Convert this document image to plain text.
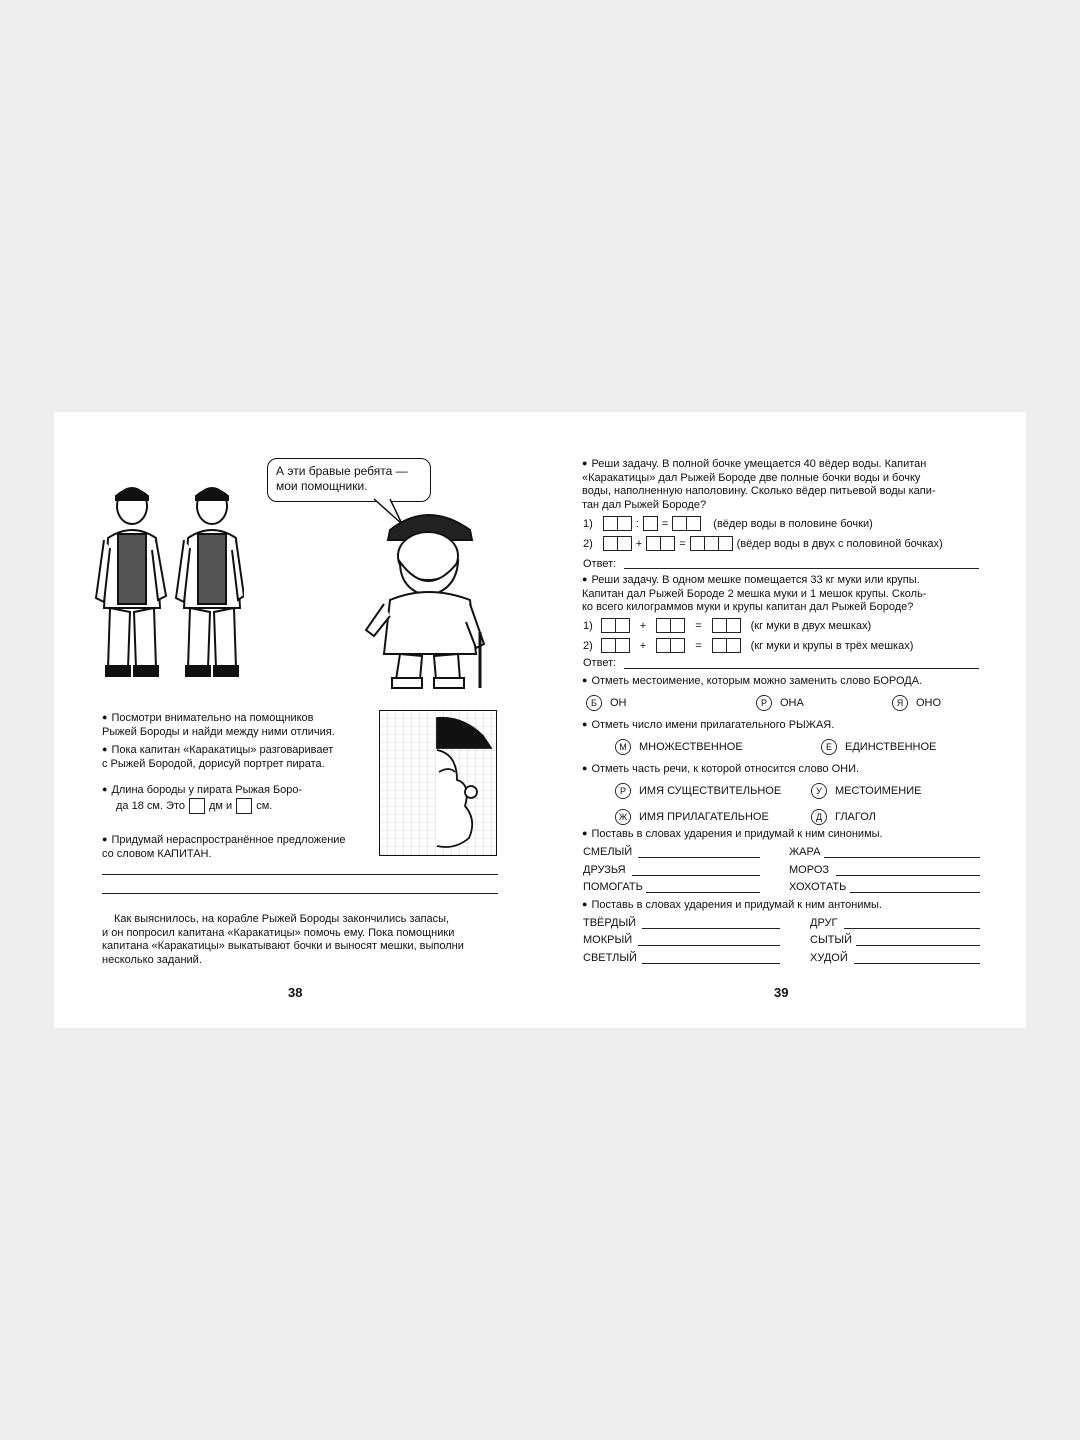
А эти бравые ребята —
мои помощники.
● Посмотри внимательно на помощников
Рыжей Бороды и найди между ними отличия.
● Пока капитан «Каракатицы» разговаривает
с Рыжей Бородой, дорисуй портрет пирата.
● Длина бороды у пирата Рыжая Боро-
да 18 см. Это дм и см.
● Придумай нераспространённое предложение
со словом КАПИТАН.
Как выяснилось, на корабле Рыжей Бороды закончились запасы,
и он попросил капитана «Каракатицы» помочь ему. Пока помощники
капитана «Каракатицы» выкатывают бочки и выносят мешки, выполни
несколько заданий.
38
● Реши задачу. В полной бочке умещается 40 вёдер воды. Капитан
«Каракатицы» дал Рыжей Бороде две полные бочки воды и бочку
воды, наполненную наполовину. Сколько вёдер питьевой воды капи-
тан дал Рыжей Бороде?
1)	: =	(вёдер воды в половине бочки)
2)	+	=	(вёдер воды в двух с половиной бочках)
Ответ:
● Реши задачу. В одном мешке помещается 33 кг муки или крупы.
Капитан дал Рыжей Бороде 2 мешка муки и 1 мешок крупы. Сколь-
ко всего килограммов муки и крупы капитан дал Рыжей Бороде?
1)	+	=	(кг муки в двух мешках)
2)	+	=	(кг муки и крупы в трёх мешках)
Ответ:
● Отметь местоимение, которым можно заменить слово БОРОДА.
Б	ОН	Р	ОНА	Я	ОНО
● Отметь число имени прилагательного РЫЖАЯ.
М МНОЖЕСТВЕННОЕ	Е	ЕДИНСТВЕННОЕ
● Отметь часть речи, к которой относится слово ОНИ.
Р	ИМЯ СУЩЕСТВИТЕЛЬНОЕ	У	МЕСТОИМЕНИЕ
Ж ИМЯ ПРИЛАГАТЕЛЬНОЕ	Д	ГЛАГОЛ
● Поставь в словах ударения и придумай к ним синонимы.
СМЕЛЫЙ	ЖАРА
ДРУЗЬЯ	МОРОЗ
ПОМОГАТЬ	ХОХОТАТЬ
● Поставь в словах ударения и придумай к ним антонимы.
ТВЁРДЫЙ	ДРУГ
МОКРЫЙ	СЫТЫЙ
СВЕТЛЫЙ	ХУДОЙ
39
